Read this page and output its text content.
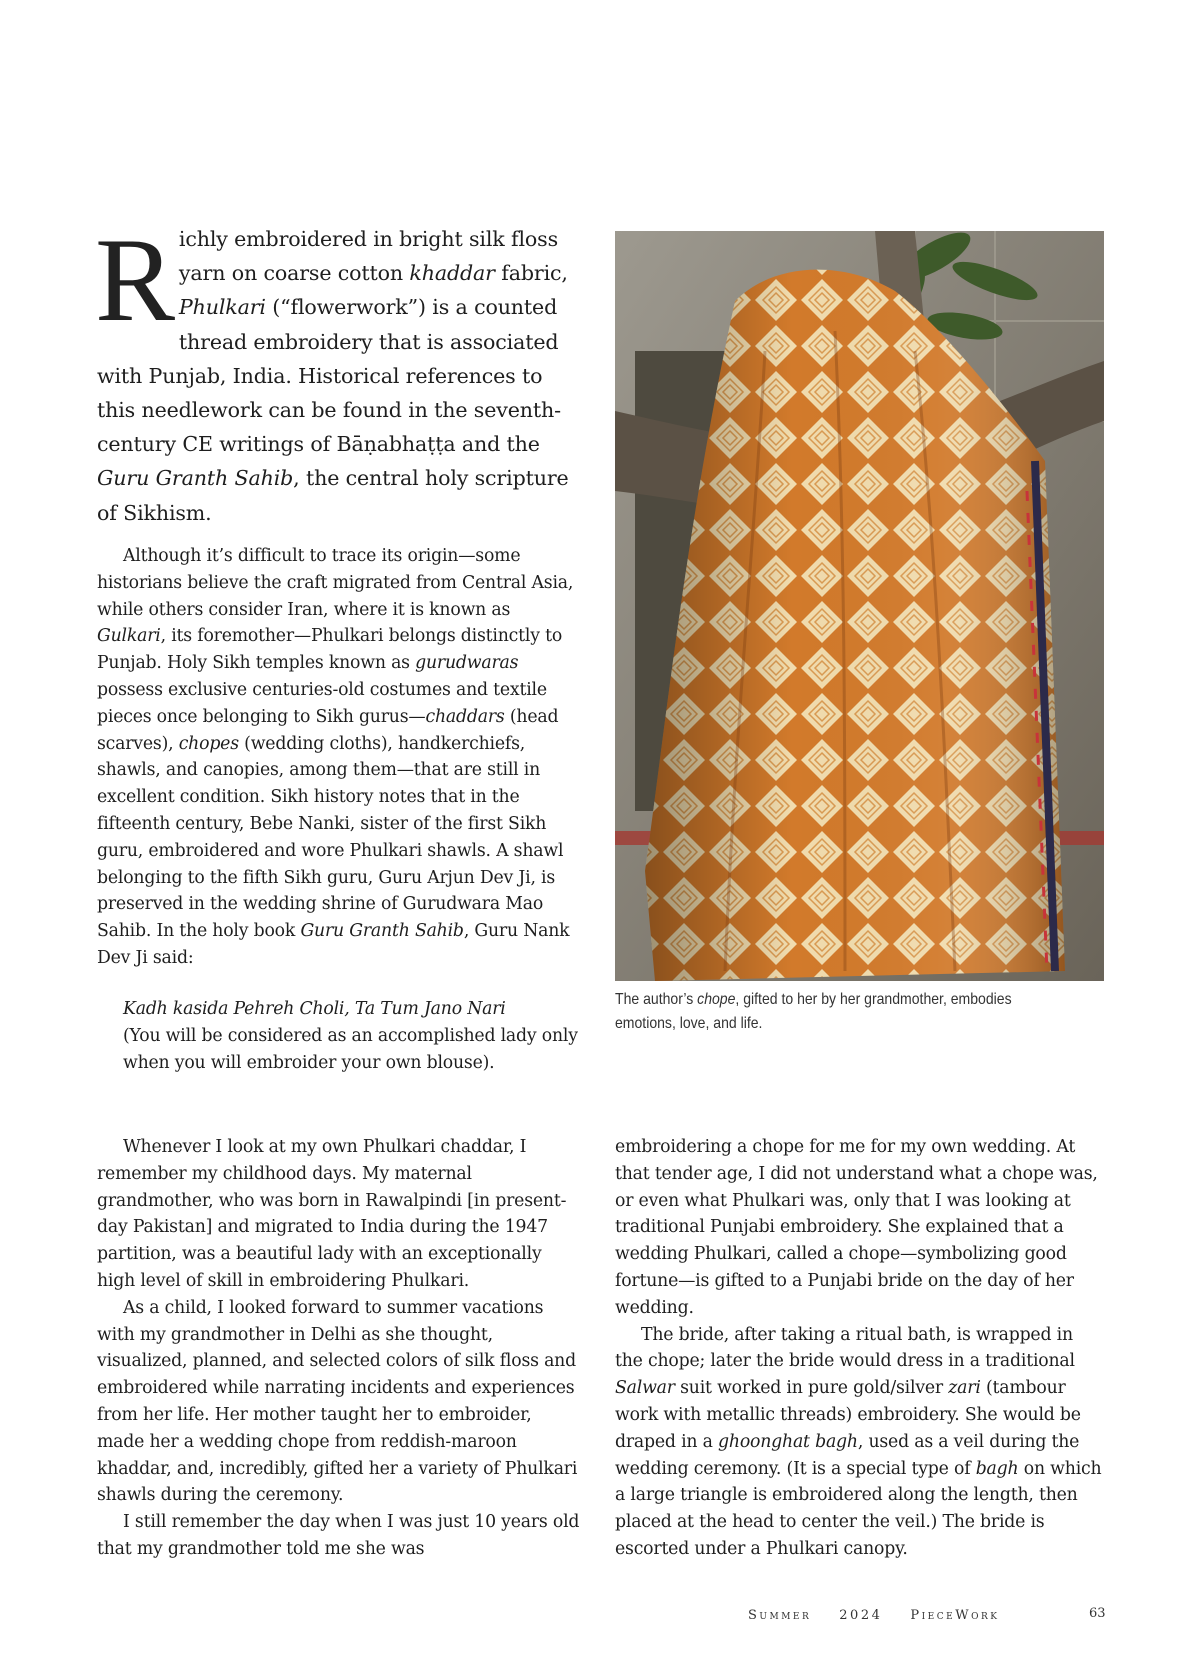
Richly embroidered in bright silk floss yarn on coarse cotton khaddar fabric, Phulkari (“flowerwork”) is a counted thread embroidery that is associated with Punjab, India. Historical references to this needlework can be found in the seventh-century CE writings of Bāṇabhaṭṭa and the Guru Granth Sahib, the central holy scripture of Sikhism.

Although it’s difficult to trace its origin—some historians believe the craft migrated from Central Asia, while others consider Iran, where it is known as Gulkari, its foremother—Phulkari belongs distinctly to Punjab. Holy Sikh temples known as gurudwaras possess exclusive centuries-old costumes and textile pieces once belonging to Sikh gurus—chaddars (head scarves), chopes (wedding cloths), handkerchiefs, shawls, and canopies, among them—that are still in excellent condition. Sikh history notes that in the fifteenth century, Bebe Nanki, sister of the first Sikh guru, embroidered and wore Phulkari shawls. A shawl belonging to the fifth Sikh guru, Guru Arjun Dev Ji, is preserved in the wedding shrine of Gurudwara Mao Sahib. In the holy book Guru Granth Sahib, Guru Nank Dev Ji said:

Kadh kasida Pehreh Choli, Ta Tum Jano Nari

(You will be considered as an accomplished lady only when you will embroider your own blouse).

Whenever I look at my own Phulkari chaddar, I remember my childhood days. My maternal grandmother, who was born in Rawalpindi [in present-day Pakistan] and migrated to India during the 1947 partition, was a beautiful lady with an exceptionally high level of skill in embroidering Phulkari.

As a child, I looked forward to summer vacations with my grandmother in Delhi as she thought, visualized, planned, and selected colors of silk floss and embroidered while narrating incidents and experiences from her life. Her mother taught her to embroider, made her a wedding chope from reddish-maroon khaddar, and, incredibly, gifted her a variety of Phulkari shawls during the ceremony.

I still remember the day when I was just 10 years old that my grandmother told me she was

embroidering a chope for me for my own wedding. At that tender age, I did not understand what a chope was, or even what Phulkari was, only that I was looking at traditional Punjabi embroidery. She explained that a wedding Phulkari, called a chope—symbolizing good fortune—is gifted to a Punjabi bride on the day of her wedding.

The bride, after taking a ritual bath, is wrapped in the chope; later the bride would dress in a traditional Salwar suit worked in pure gold/silver zari (tambour work with metallic threads) embroidery. She would be draped in a ghoonghat bagh, used as a veil during the wedding ceremony. (It is a special type of bagh on which a large triangle is embroidered along the length, then placed at the head to center the veil.) The bride is escorted under a Phulkari canopy.

The author’s chope, gifted to her by her grandmother, embodies emotions, love, and life.
Summer 2024 PieceWork	63
